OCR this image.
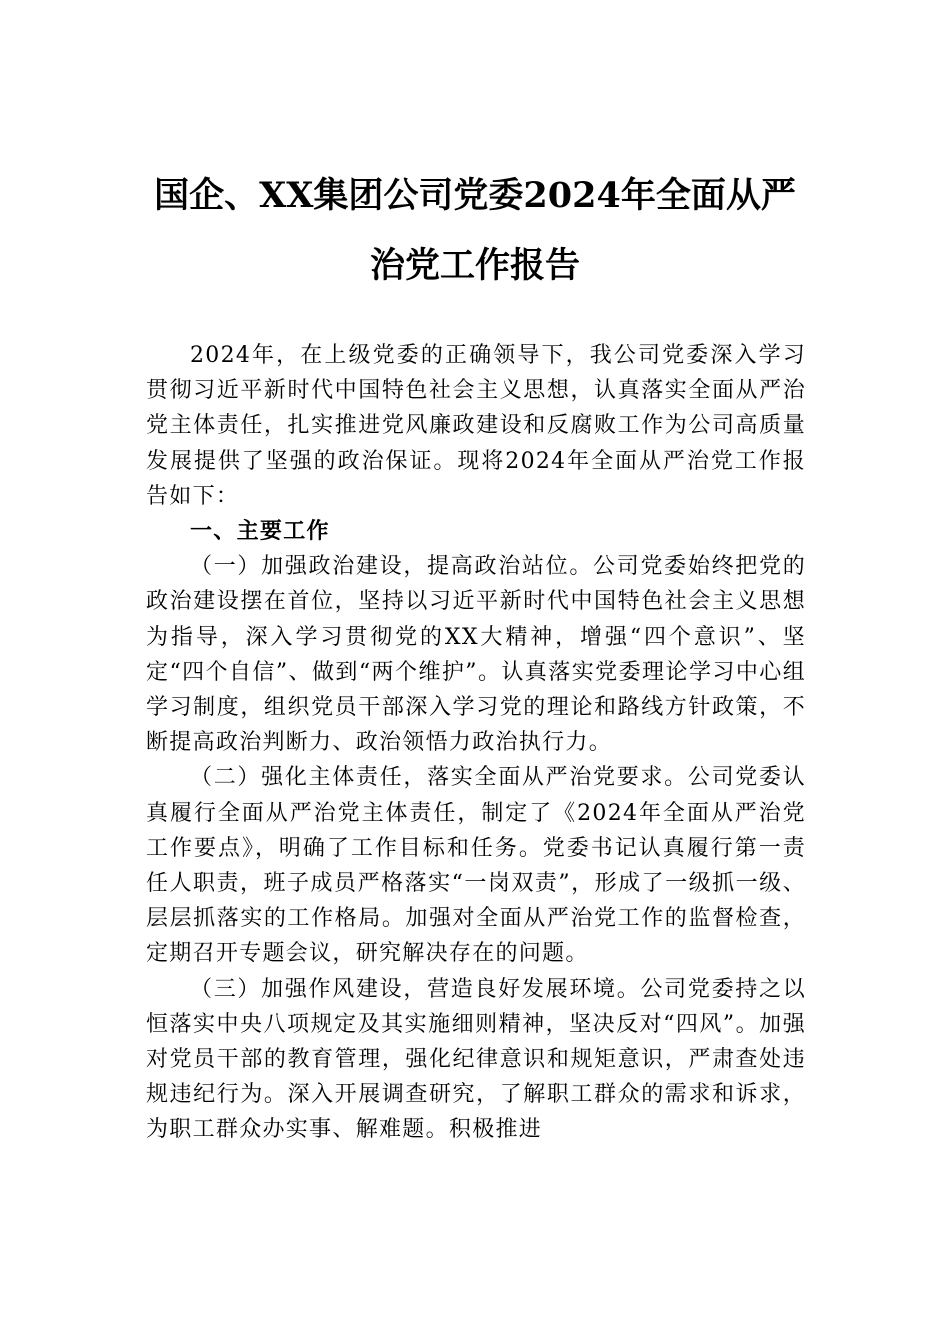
国企、XX集团公司党委2024年全面从严
治党工作报告

2024年，在上级党委的正确领导下，我公司党委深入学习贯彻习近平新时代中国特色社会主义思想，认真落实全面从严治党主体责任，扎实推进党风廉政建设和反腐败工作为公司高质量发展提供了坚强的政治保证。现将2024年全面从严治党工作报告如下：

一、主要工作

（一）加强政治建设，提高政治站位。公司党委始终把党的政治建设摆在首位，坚持以习近平新时代中国特色社会主义思想为指导，深入学习贯彻党的XX大精神，增强“四个意识”、坚定“四个自信”、做到“两个维护”。认真落实党委理论学习中心组学习制度，组织党员干部深入学习党的理论和路线方针政策，不断提高政治判断力、政治领悟力政治执行力。

（二）强化主体责任，落实全面从严治党要求。公司党委认真履行全面从严治党主体责任，制定了《2024年全面从严治党工作要点》，明确了工作目标和任务。党委书记认真履行第一责任人职责，班子成员严格落实“一岗双责”，形成了一级抓一级、层层抓落实的工作格局。加强对全面从严治党工作的监督检查，定期召开专题会议，研究解决存在的问题。

（三）加强作风建设，营造良好发展环境。公司党委持之以恒落实中央八项规定及其实施细则精神，坚决反对“四风”。加强对党员干部的教育管理，强化纪律意识和规矩意识，严肃查处违规违纪行为。深入开展调查研究，了解职工群众的需求和诉求，为职工群众办实事、解难题。积极推进
